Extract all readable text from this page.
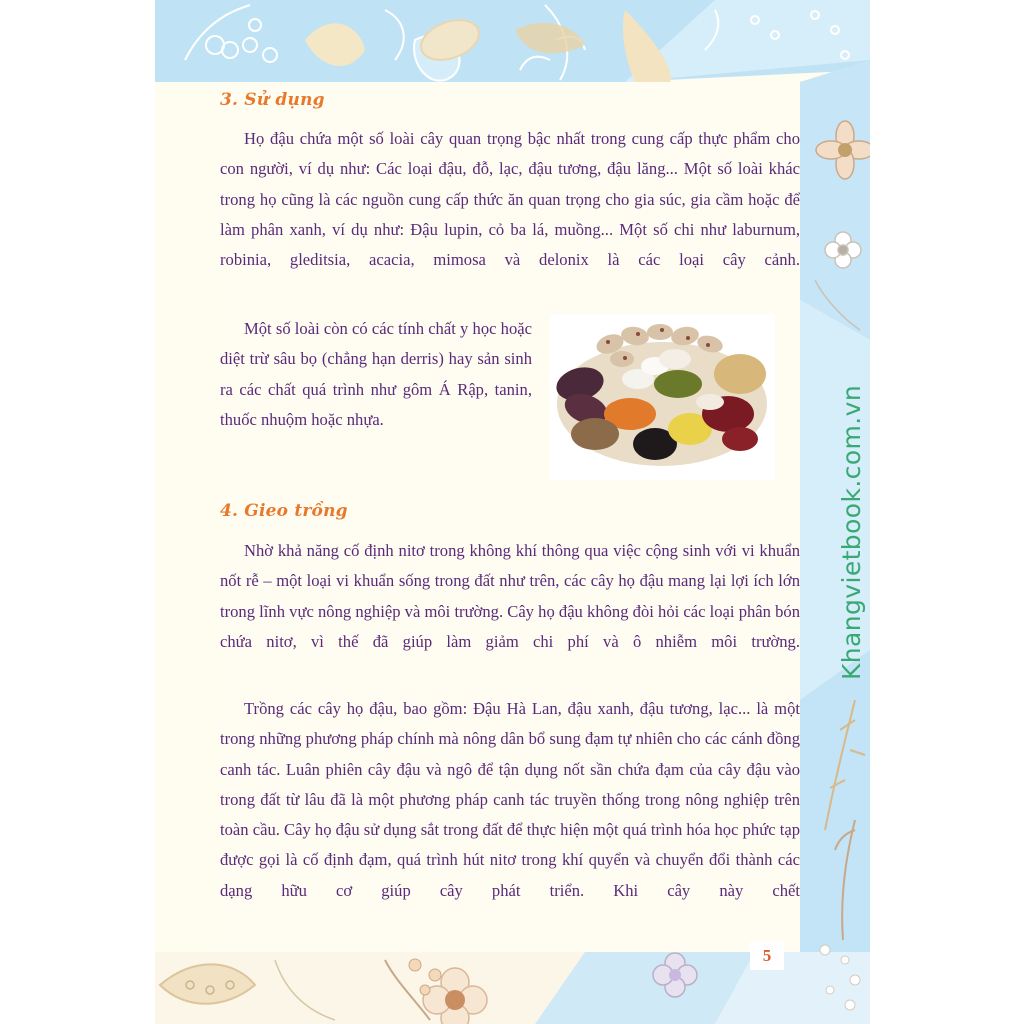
3. Sử dụng

Họ đậu chứa một số loài cây quan trọng bậc nhất trong cung cấp thực phẩm cho con người, ví dụ như: Các loại đậu, đỗ, lạc, đậu tương, đậu lăng... Một số loài khác trong họ cũng là các nguồn cung cấp thức ăn quan trọng cho gia súc, gia cầm hoặc để làm phân xanh, ví dụ như: Đậu lupin, cỏ ba lá, muồng... Một số chi như laburnum, robinia, gleditsia, acacia, mimosa và delonix là các loại cây cảnh.

Một số loài còn có các tính chất y học hoặc diệt trừ sâu bọ (chẳng hạn derris) hay sản sinh ra các chất quá trình như gôm Á Rập, tanin, thuốc nhuộm hoặc nhựa.

4. Gieo trồng

Nhờ khả năng cố định nitơ trong không khí thông qua việc cộng sinh với vi khuẩn nốt rễ – một loại vi khuẩn sống trong đất như trên, các cây họ đậu mang lại lợi ích lớn trong lĩnh vực nông nghiệp và môi trường. Cây họ đậu không đòi hỏi các loại phân bón chứa nitơ, vì thế đã giúp làm giảm chi phí và ô nhiễm môi trường.

Trồng các cây họ đậu, bao gồm: Đậu Hà Lan, đậu xanh, đậu tương, lạc... là một trong những phương pháp chính mà nông dân bổ sung đạm tự nhiên cho các cánh đồng canh tác. Luân phiên cây đậu và ngô để tận dụng nốt sần chứa đạm của cây đậu vào trong đất từ lâu đã là một phương pháp canh tác truyền thống trong nông nghiệp trên toàn cầu. Cây họ đậu sử dụng sắt trong đất để thực hiện một quá trình hóa học phức tạp được gọi là cố định đạm, quá trình hút nitơ trong khí quyển và chuyển đổi thành các dạng hữu cơ giúp cây phát triển. Khi cây này chết

5
Khangvietbook.com.vn
